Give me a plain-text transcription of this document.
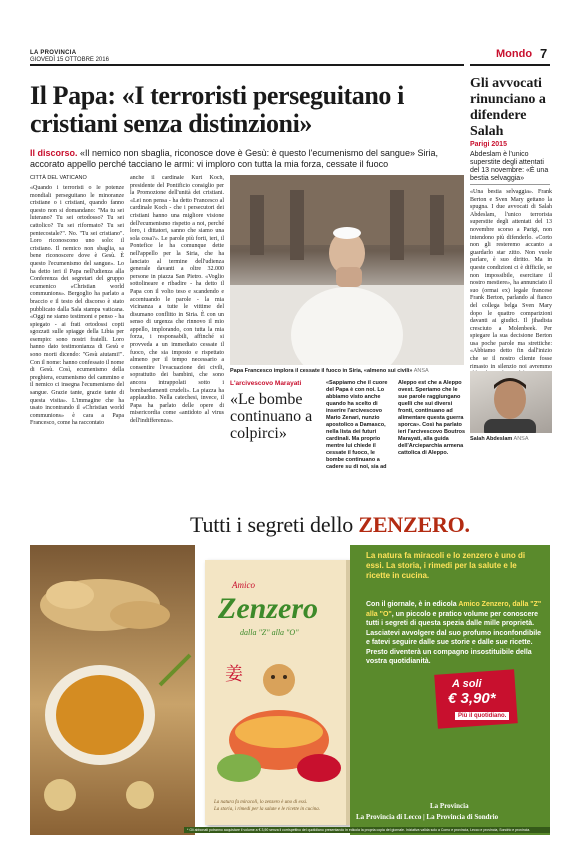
LA PROVINCIA
GIOVEDÌ 15 OTTOBRE 2016	Mondo 7
Il Papa: «I terroristi perseguitano i cristiani senza distinzioni»
Il discorso. «Il nemico non sbaglia, riconosce dove è Gesù: è questo l'ecumenismo del sangue» Siria, accorato appello perché tacciano le armi: vi imploro con tutta la mia forza, cessate il fuoco
CITTÀ DEL VATICANO
«Quando i terroristi o le potenze mondiali perseguitano le minoranze cristiane o i cristiani, quando fanno questo non si domandano: "Ma tu sei luterano? Tu sei ortodosso? Tu sei cattolico? Tu sei riformato? Tu sei pentecostale?". No. "Tu sei cristiano". Loro riconoscono uno solo: il cristiano. Il nemico non sbaglia, sa bene riconoscere dove è Gesù. È questo l'ecumenismo del sangue». Lo ha detto ieri il Papa nell'udienza alla Conferenza dei segretari del gruppo ecumenico «Christian world communions». Bergoglio ha parlato a braccio e il testo del discorso è stato pubblicato dalla Sala stampa vaticana. «Oggi ne siamo testimoni e penso - ha spiegato - ai frati ortodossi copti sgozzati sulle spiagge della Libia per esempio: sono nostri fratelli. Loro hanno dato testimonianza di Gesù e sono morti dicendo: "Gesù aiutami!". Con il nome: hanno confessato il nome di Gesù. Così, ecumenismo della preghiera, ecumenismo del cammino e il nemico ci insegna l'ecumenismo del sangue. Grazie tante, grazie tante di questa visita». L'immagine che ha usato incontrando il «Christian world communions» è cara a Papa Francesco, come ha raccontato
anche il cardinale Kurt Koch, presidente del Pontificio consiglio per la Promozione dell'unità dei cristiani. «Lei non pensa - ha detto Francesco al cardinale Koch - che i persecutori dei cristiani hanno una migliore visione dell'ecumenismo rispetto a noi, perché loro, i dittatori, sanno che siamo una sola cosa?». Le parole più forti, ieri, il Pontefice le ha comunque dette nell'appello per la Siria, che ha lanciato al termine dell'udienza generale davanti a oltre 32.000 persone in piazza San Pietro. «Voglio sottolineare e ribadire - ha detto il Papa con il volto teso e scandendo e accentuando le parole - la mia vicinanza a tutte le vittime del disumano conflitto in Siria. È con un senso di urgenza che rinnovo il mio appello, implorando, con tutta la mia forza, i responsabili, affinché si provveda a un immediato cessate il fuoco, che sia imposto e rispettato almeno per il tempo necessario a consentire l'evacuazione dei civili, soprattutto dei bambini, che sono ancora intrappolati sotto i bombardamenti crudeli». La piazza ha applaudito. Nella catechesi, invece, il Papa ha parlato delle opere di misericordia come «antidoto al virus dell'indifferenza».
Papa Francesco implora il cessate il fuoco in Siria, «almeno sui civili» ANSA
L'arcivescovo Marayati
«Le bombe continuano a colpirci»
«Sappiamo che il cuore del Papa è con noi. Lo abbiamo visto anche quando ha scelto di inserire l'arcivescovo Mario Zenari, nunzio apostolico a Damasco, nella lista dei futuri cardinali. Ma proprio mentre lui chiede il cessate il fuoco, le bombe continuano a cadere su di noi, sia ad
Aleppo est che a Aleppo ovest. Speriamo che le sue parole raggiungano quelli che sui diversi fronti, continuano ad alimentare questa guerra sporca». Così ha parlato ieri l'arcivescovo Boutros Marayati, alla guida dell'Arcieparchia armena cattolica di Aleppo.
Gli avvocati rinunciano a difendere Salah
Parigi 2015
Abdeslam è l'unico superstite degli attentati del 13 novembre: «È una bestia selvaggia»
«Una bestia selvaggia». Frank Berton e Sven Mary gettano la spugna. I due avvocati di Salah Abdeslam, l'unico terrorista superstite degli attentati del 13 novembre scorso a Parigi, non intendono più difenderlo. «Corto non gli resteremo accanto a guardarlo star zitto. Non vuole parlare, è suo diritto. Ma in queste condizioni ci è difficile, se non impossibile, esercitare il nostro mestiere», ha annunciato il suo (ormai ex) legale francese Frank Berton, parlando al fianco del collega belga Sven Mary dopo le quattro comparizioni davanti ai giudici. Il jihadista cresciuto a Molenbeek. Per spiegare la sua decisione Berton usa poche parole ma strettiche: «Abbiamo detto fin dall'inizio che se il nostro cliente fosse rimasto in silenzio noi avremmo
Salah Abdeslam ANSA
Tutti i segreti dello ZENZERO.
Amico
Zenzero
dalla "Z" alla "O"
姜
La natura fa miracoli, lo zenzero è uno di essi.
La storia, i rimedi per la salute e le ricette in cucina.
La natura fa miracoli e lo zenzero è uno di essi. La storia, i rimedi per la salute e le ricette in cucina.
Con il giornale, è in edicola Amico Zenzero, dalla "Z" alla "O", un piccolo e pratico volume per conoscere tutti i segreti di questa spezia dalle mille proprietà. Lasciatevi avvolgere dal suo profumo inconfondibile e fatevi seguire dalle sue storie e dalle sue ricette. Presto diventerà un compagno insostituibile della vostra quotidianità.
A soli
€ 3,90*
Più il quotidiano.
La Provincia
La Provincia di Lecco | La Provincia di Sondrio
* Gli abbonati potranno acquistare il volume a € 3,90 senza il corrispettivo del quotidiano presentando in edicola la propria copia del giornale. Iniziativa valida solo a Como e provincia, Lecco e provincia, Sondrio e provincia.
